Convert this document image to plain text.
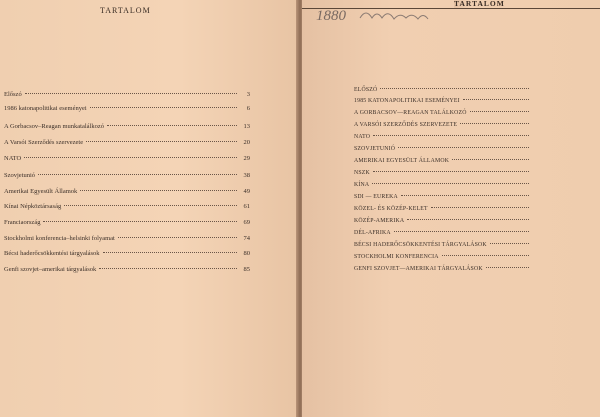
TARTALOM
Előszó	3
1986 katonapolitikai eseményei	6
A Gorbacsov–Reagan munkatalálkozó	13
A Varsói Szerződés szervezete	20
NATO	29
Szovjetunió	38
Amerikai Egyesült Államok	49
Kínai Népköztársaság	61
Franciaország	69
Stockholmi konferencia–helsinki folyamat	74
Bécsi haderőcsökkentési tárgyalások	80
Genfi szovjet–amerikai tárgyalások	85
1880
TARTALOM
ELŐSZÓ
1985 KATONAPOLITIKAI ESEMÉNYEI
A GORBACSOV—REAGAN TALÁLKOZÓ
A VARSÓI SZERZŐDÉS SZERVEZETE
NATO
SZOVJETUNIÓ
AMERIKAI EGYESÜLT ÁLLAMOK
NSZK
KÍNA
SDI — EUREKA
KÖZEL- ÉS KÖZÉP-KELET
KÖZÉP-AMERIKA
DÉL-AFRIKA
BÉCSI HADERŐCSÖKKENTÉSI TÁRGYALÁSOK
STOCKHOLMI KONFERENCIA
GENFI SZOVJET—AMERIKAI TÁRGYALÁSOK
